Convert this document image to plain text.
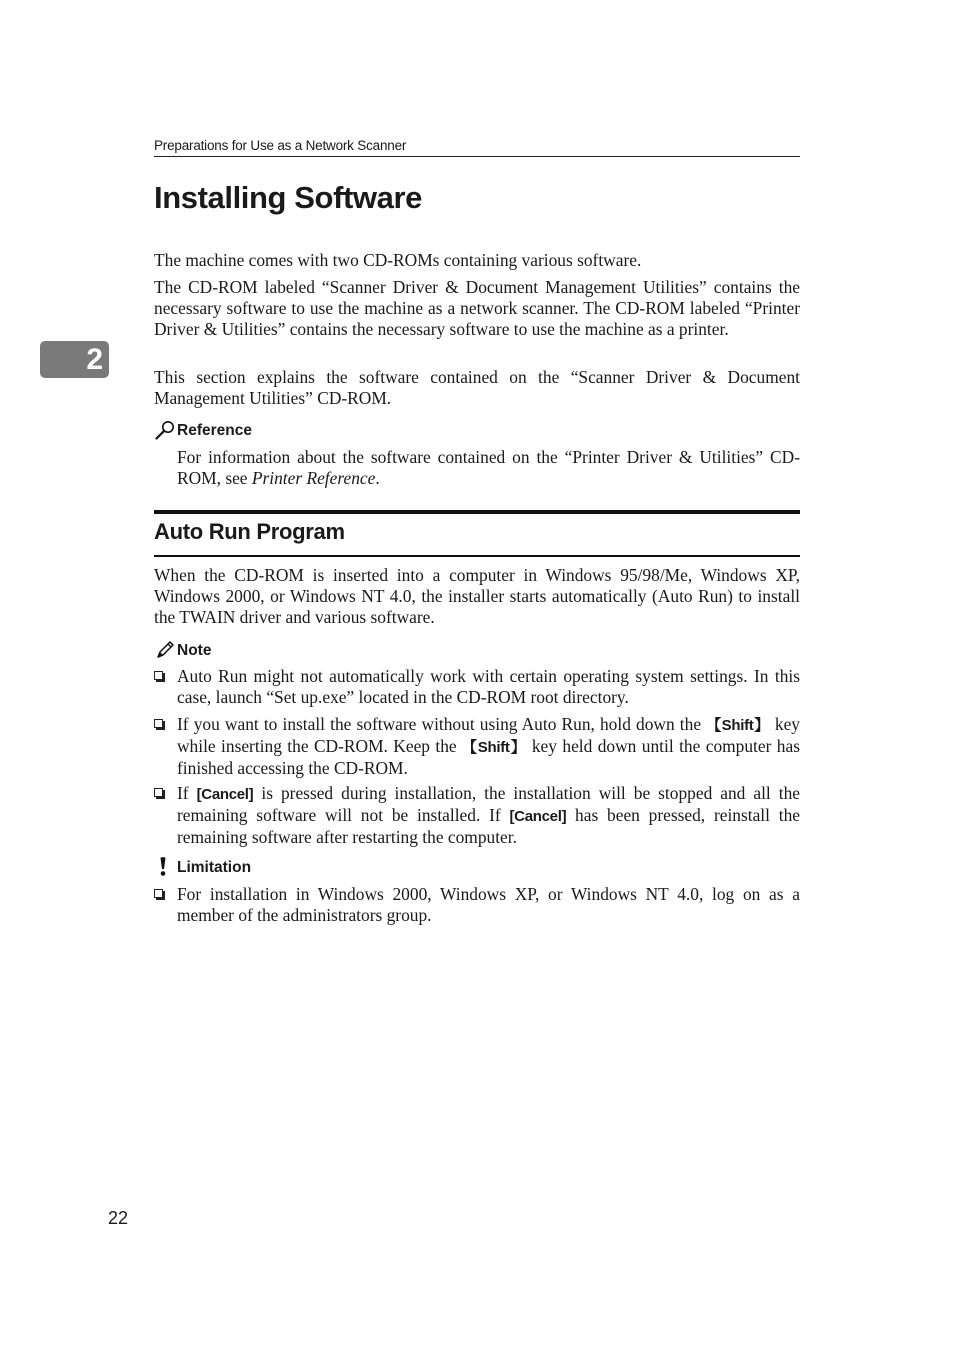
Preparations for Use as a Network Scanner
2
Installing Software

The machine comes with two CD-ROMs containing various software.

The CD-ROM labeled “Scanner Driver & Document Management Utilities” contains the necessary software to use the machine as a network scanner. The CD-ROM labeled “Printer Driver & Utilities” contains the necessary software to use the machine as a printer.

This section explains the software contained on the “Scanner Driver & Document Management Utilities” CD-ROM.

Reference

For information about the software contained on the “Printer Driver & Utilities” CD-ROM, see Printer Reference.

Auto Run Program

When the CD-ROM is inserted into a computer in Windows 95/98/Me, Windows XP, Windows 2000, or Windows NT 4.0, the installer starts automatically (Auto Run) to install the TWAIN driver and various software.

Note

Auto Run might not automatically work with certain operating system settings. In this case, launch “Set up.exe” located in the CD-ROM root directory.

If you want to install the software without using Auto Run, hold down the 【Shift】 key while inserting the CD-ROM. Keep the 【Shift】 key held down until the computer has finished accessing the CD-ROM.

If [Cancel] is pressed during installation, the installation will be stopped and all the remaining software will not be installed. If [Cancel] has been pressed, reinstall the remaining software after restarting the computer.

Limitation

For installation in Windows 2000, Windows XP, or Windows NT 4.0, log on as a member of the administrators group.

22
